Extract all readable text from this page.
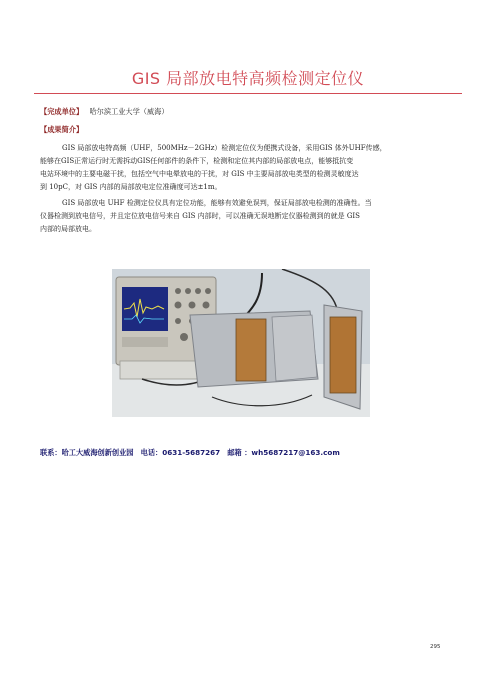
GIS 局部放电特高频检测定位仪
【完成单位】 哈尔滨工业大学（威海）
【成果简介】
GIS 局部放电特高频（UHF，500MHz－2GHz）检测定位仪为便携式设备，采用GIS 体外UHF传感，
能够在GIS正常运行时无需拆动GIS任何部件的条件下，检测和定位其内部的局部放电点，能够抵抗变
电站环境中的主要电磁干扰，包括空气中电晕放电的干扰，对 GIS 中主要局部放电类型的检测灵敏度达
到 10pC，对 GIS 内部的局部放电定位准确度可达±1m。
GIS 局部放电 UHF 检测定位仪具有定位功能，能够有效避免误判，保证局部放电检测的准确性。当
仪器检测到放电信号，并且定位放电信号来自 GIS 内部时，可以准确无误地断定仪器检测到的就是 GIS
内部的局部放电。
联系：哈工大威海创新创业园　电话：0631-5687267　邮箱 ：wh5687217@163.com
295
